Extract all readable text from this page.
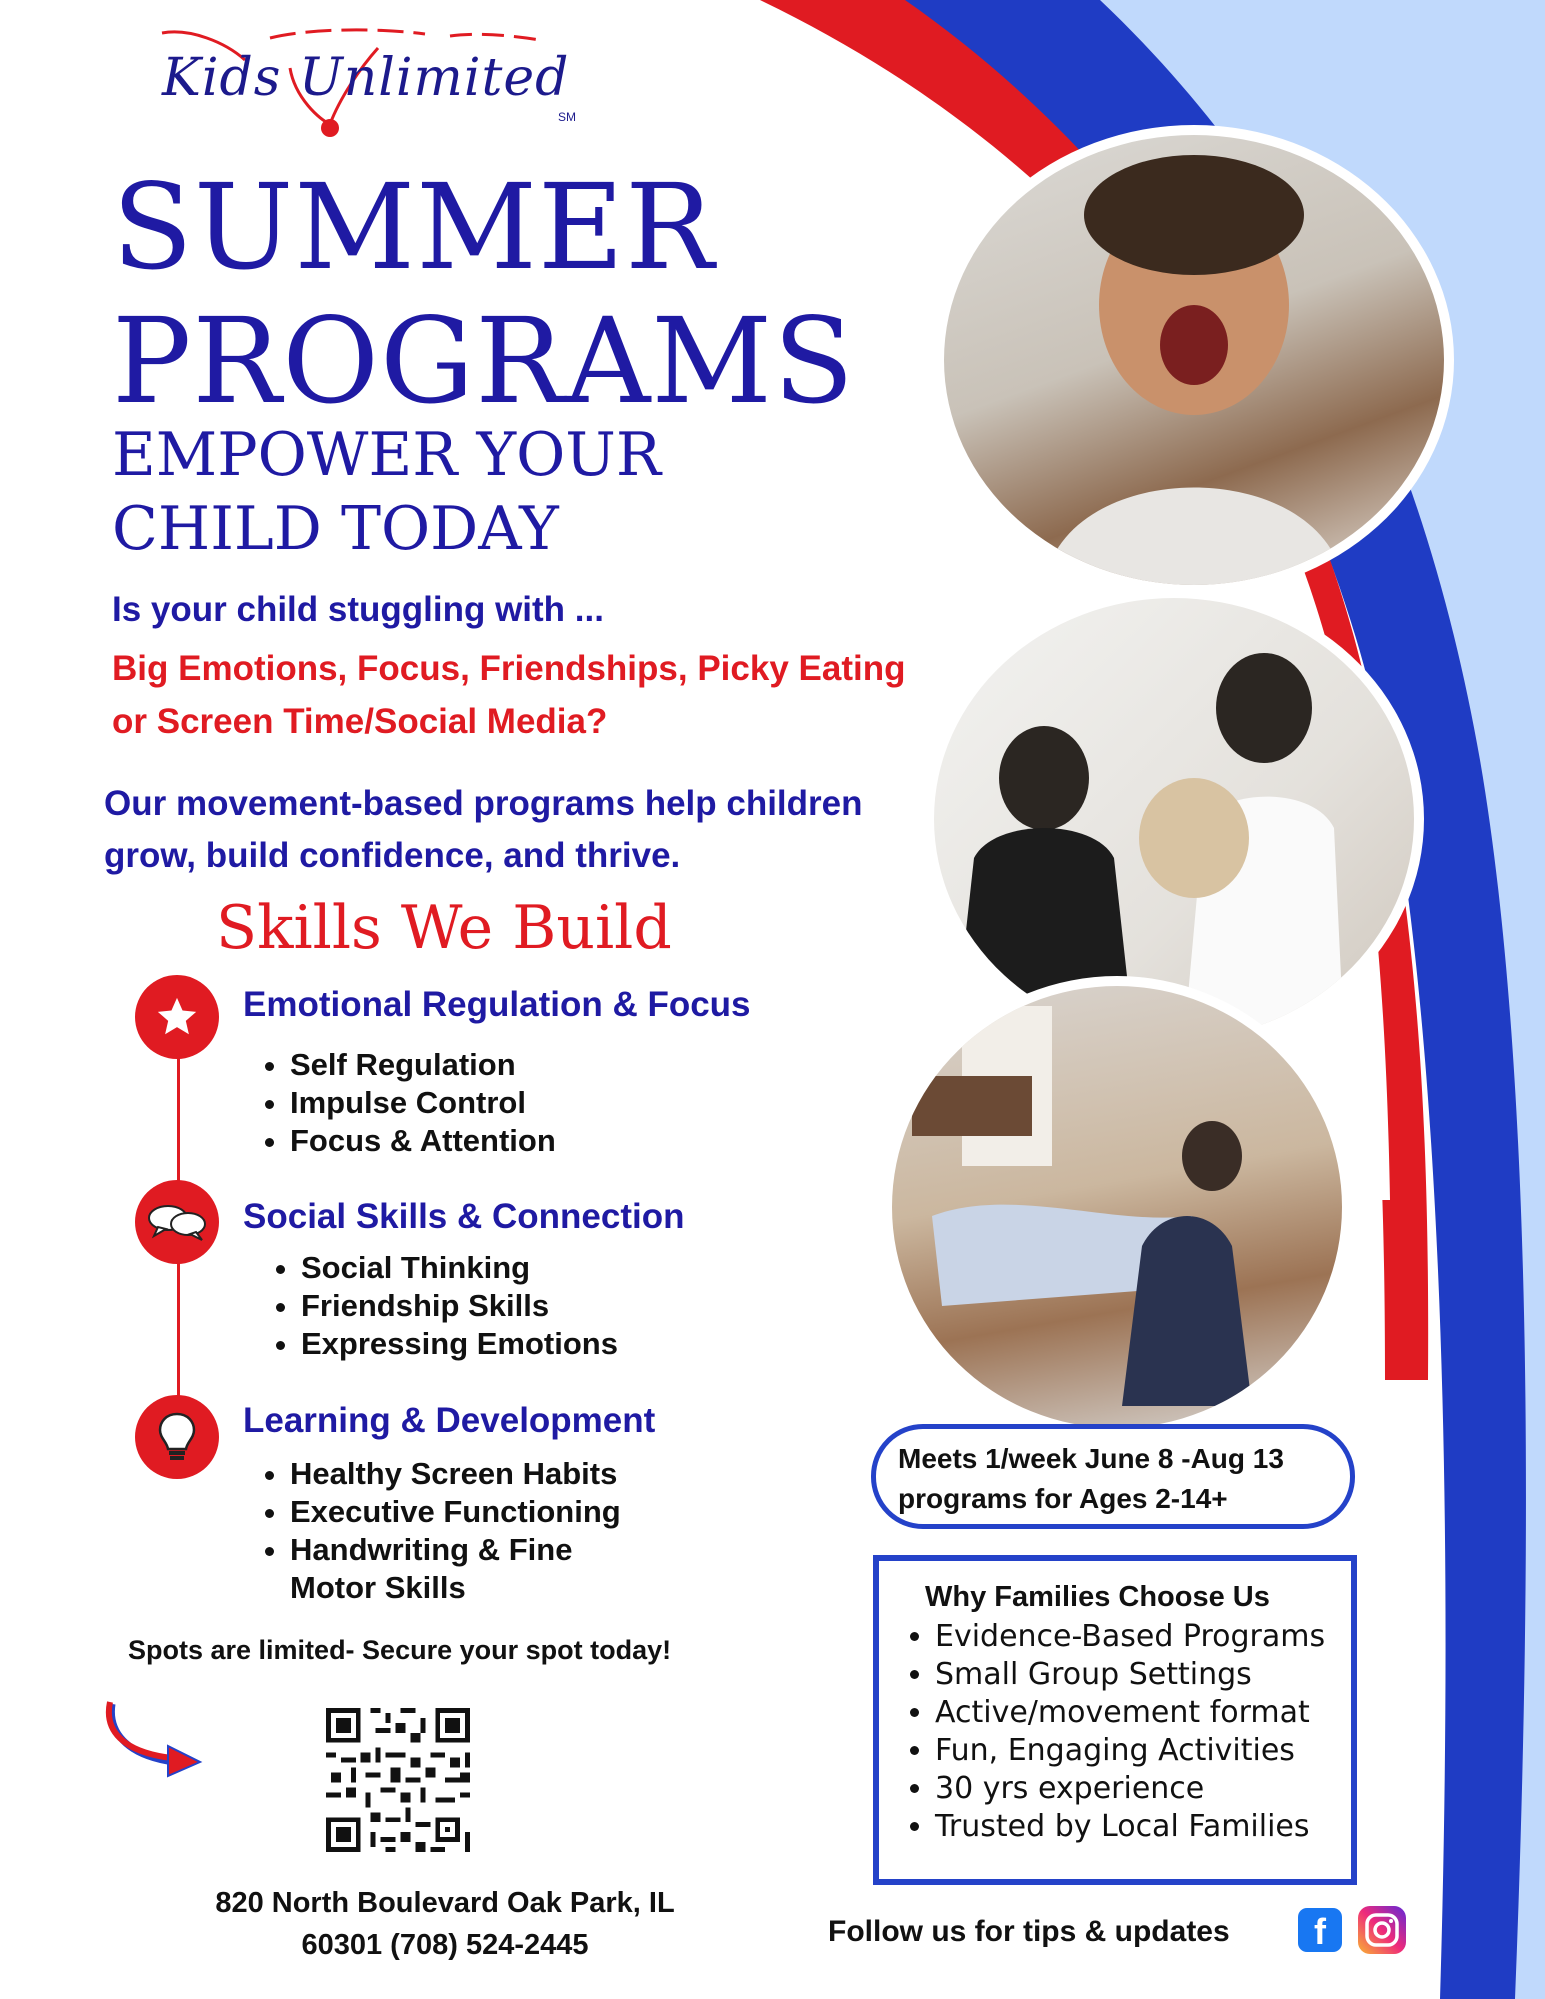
Kids Unlimited
SM
SUMMER
PROGRAMS
EMPOWER YOUR
CHILD TODAY
Is your child stuggling with ...
Big Emotions, Focus, Friendships, Picky Eating or Screen Time/Social Media?
Our movement-based programs help children grow, build confidence, and thrive.
Skills We Build
Emotional Regulation & Focus
• Self Regulation
• Impulse Control
• Focus & Attention
Social Skills & Connection
• Social Thinking
• Friendship Skills
• Expressing Emotions
Learning & Development
• Healthy Screen Habits
• Executive Functioning
• Handwriting & Fine Motor Skills
Meets 1/week June 8 -Aug 13
programs for Ages 2-14+
Why Families Choose Us
• Evidence-Based Programs
• Small Group Settings
• Active/movement format
• Fun, Engaging Activities
• 30 yrs experience
• Trusted by Local Families
Spots are limited- Secure your spot today!
820 North Boulevard Oak Park, IL
60301 (708) 524-2445	Follow us for tips & updates	f
